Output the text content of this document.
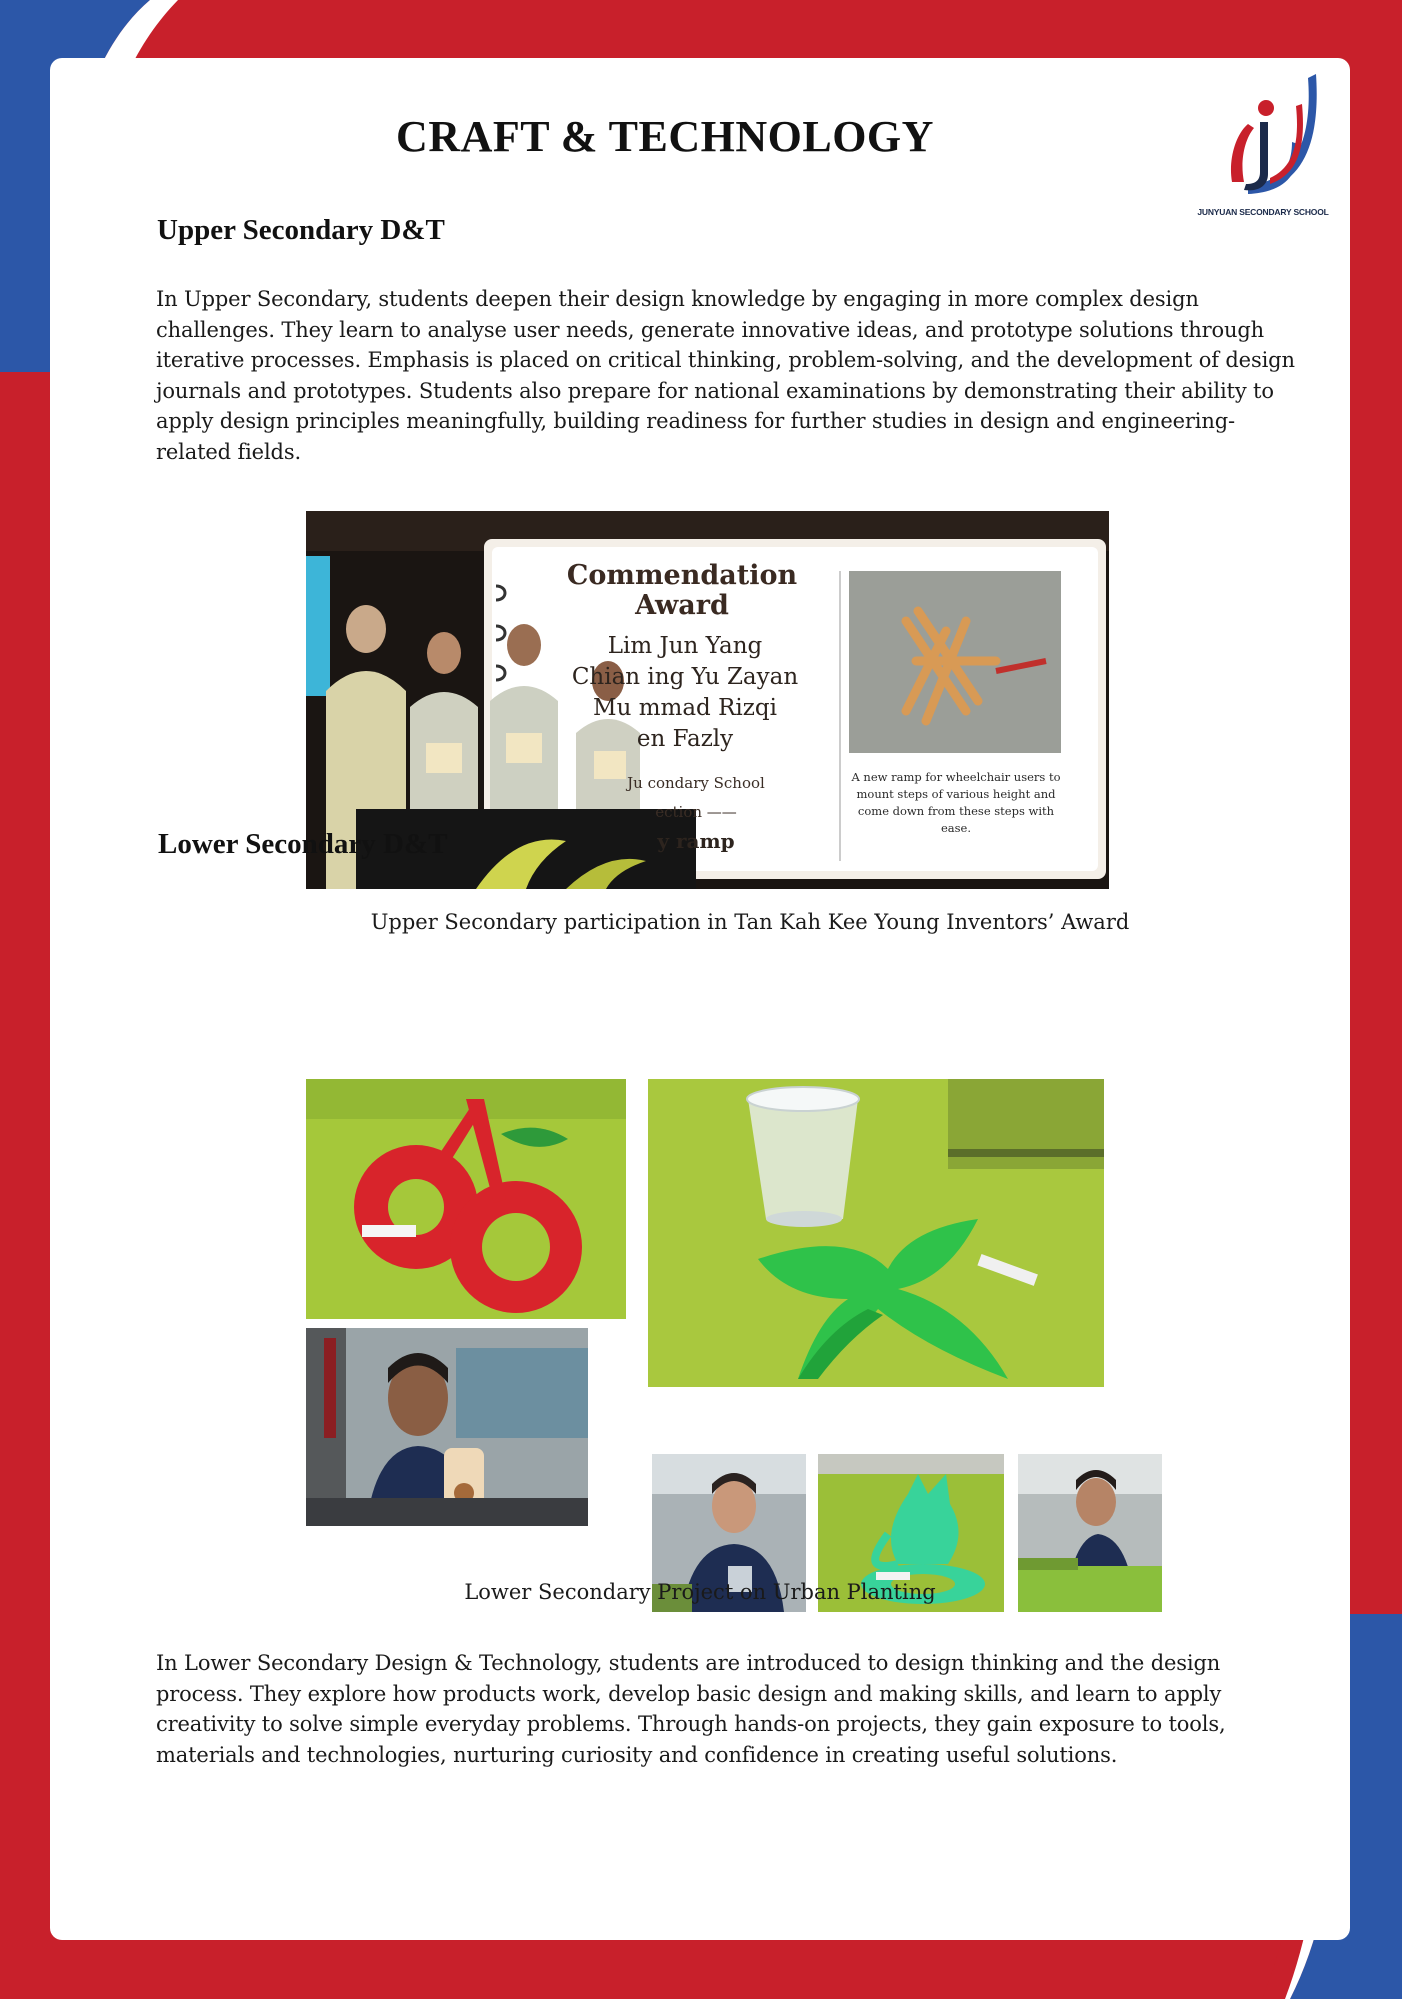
CRAFT & TECHNOLOGY
JUNYUAN SECONDARY SCHOOL
Upper Secondary D&T

In Upper Secondary, students deepen their design knowledge by engaging in more complex design challenges. They learn to analyse user needs, generate innovative ideas, and prototype solutions through iterative processes. Emphasis is placed on critical thinking, problem-solving, and the development of design journals and prototypes. Students also prepare for national examinations by demonstrating their ability to apply design principles meaningfully, building readiness for further studies in design and engineering-related fields.

Commendation
Award
Lim Jun Yang
Chian ing Yu Zayan
Mu mmad Rizqi
en Fazly
Ju condary School
ection ——
y ramp
A new ramp for wheelchair users to mount steps of various height and come down from these steps with ease.

Upper Secondary participation in Tan Kah Kee Young Inventors’ Award

Lower Secondary D&T

Lower Secondary Project on Urban Planting

In Lower Secondary Design & Technology, students are introduced to design thinking and the design process. They explore how products work, develop basic design and making skills, and learn to apply creativity to solve simple everyday problems. Through hands-on projects, they gain exposure to tools, materials and technologies, nurturing curiosity and confidence in creating useful solutions.
